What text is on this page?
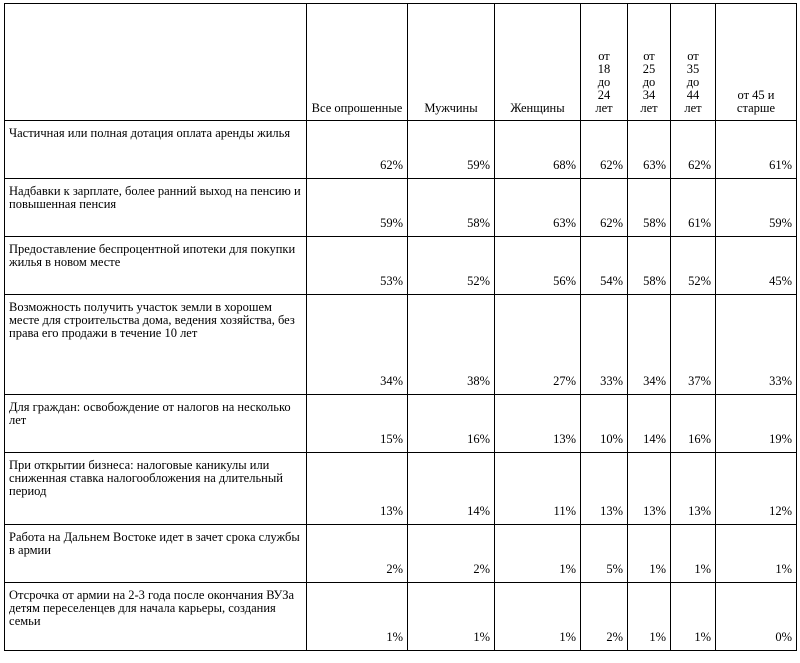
	Все опрошенные	Мужчины	Женщины	от 18 до 24 лет	от 25 до 34 лет	от 35 до 44 лет	от 45 и старше
Частичная или полная дотация оплата аренды жилья	62%	59%	68%	62%	63%	62%	61%
Надбавки к зарплате, более ранний выход на пенсию и повышенная пенсия	59%	58%	63%	62%	58%	61%	59%
Предоставление беспроцентной ипотеки для покупки жилья в новом месте	53%	52%	56%	54%	58%	52%	45%
Возможность получить участок земли в хорошем месте для строительства дома, ведения хозяйства, без права его продажи в течение 10 лет	34%	38%	27%	33%	34%	37%	33%
Для граждан: освобождение от налогов на несколько лет	15%	16%	13%	10%	14%	16%	19%
При открытии бизнеса: налоговые каникулы или сниженная ставка налогообложения на длительный период	13%	14%	11%	13%	13%	13%	12%
Работа на Дальнем Востоке идет в зачет срока службы в армии	2%	2%	1%	5%	1%	1%	1%
Отсрочка от армии на 2-3 года после окончания ВУЗа детям переселенцев для начала карьеры, создания семьи	1%	1%	1%	2%	1%	1%	0%
